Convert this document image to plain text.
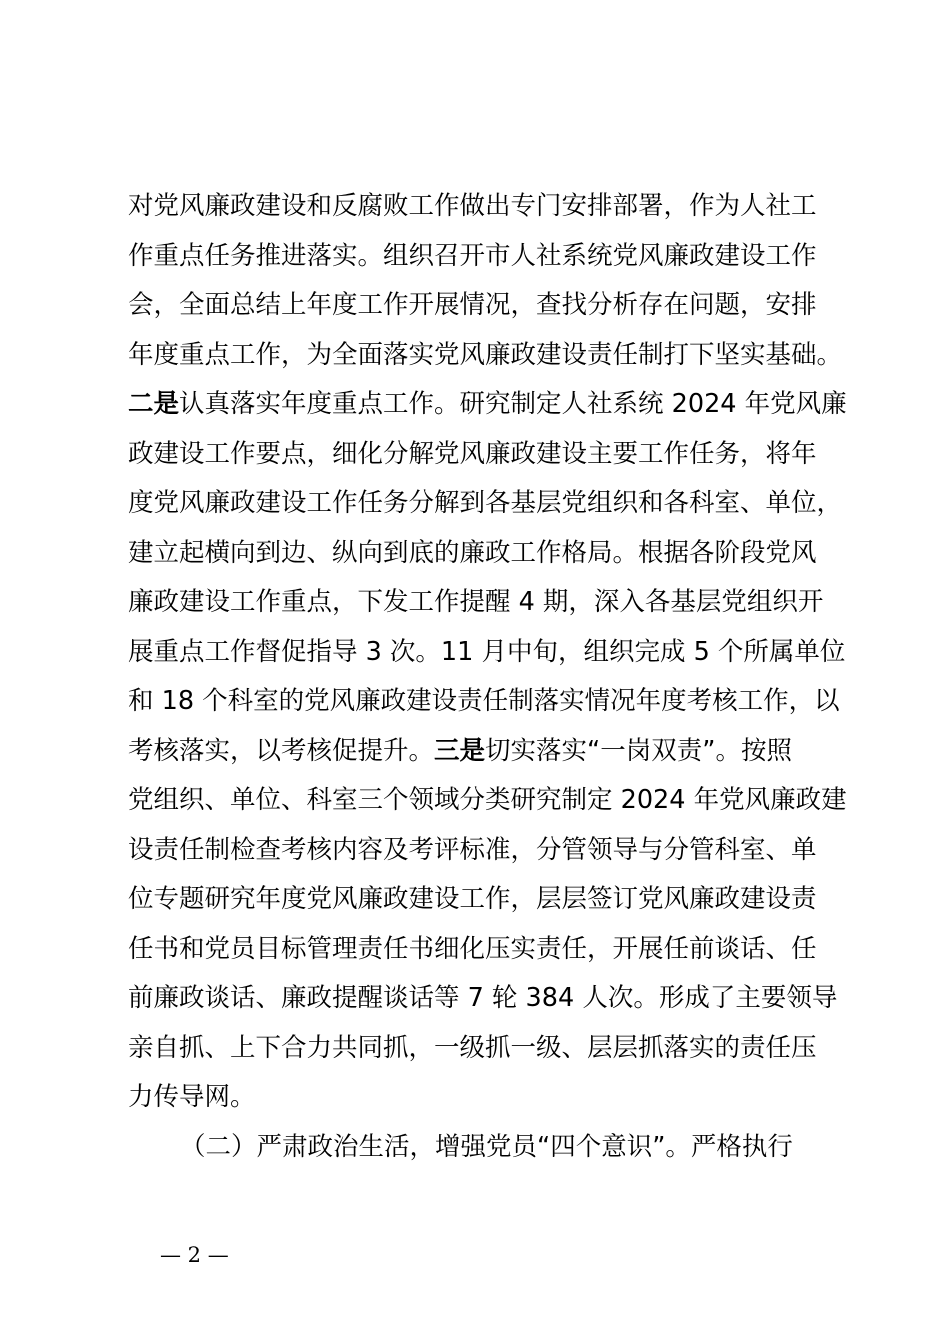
对党风廉政建设和反腐败工作做出专门安排部署，作为人社工
作重点任务推进落实。组织召开市人社系统党风廉政建设工作
会，全面总结上年度工作开展情况，查找分析存在问题，安排
年度重点工作，为全面落实党风廉政建设责任制打下坚实基础。
二是认真落实年度重点工作。研究制定人社系统 2024 年党风廉
政建设工作要点，细化分解党风廉政建设主要工作任务，将年
度党风廉政建设工作任务分解到各基层党组织和各科室、单位，
建立起横向到边、纵向到底的廉政工作格局。根据各阶段党风
廉政建设工作重点，下发工作提醒 4 期，深入各基层党组织开
展重点工作督促指导 3 次。11 月中旬，组织完成 5 个所属单位
和 18 个科室的党风廉政建设责任制落实情况年度考核工作，以
考核落实，以考核促提升。三是切实落实“一岗双责”。按照
党组织、单位、科室三个领域分类研究制定 2024 年党风廉政建
设责任制检查考核内容及考评标准，分管领导与分管科室、单
位专题研究年度党风廉政建设工作，层层签订党风廉政建设责
任书和党员目标管理责任书细化压实责任，开展任前谈话、任
前廉政谈话、廉政提醒谈话等 7 轮 384 人次。形成了主要领导
亲自抓、上下合力共同抓，一级抓一级、层层抓落实的责任压
力传导网。
（二）严肃政治生活，增强党员“四个意识”。严格执行
— 2 —
